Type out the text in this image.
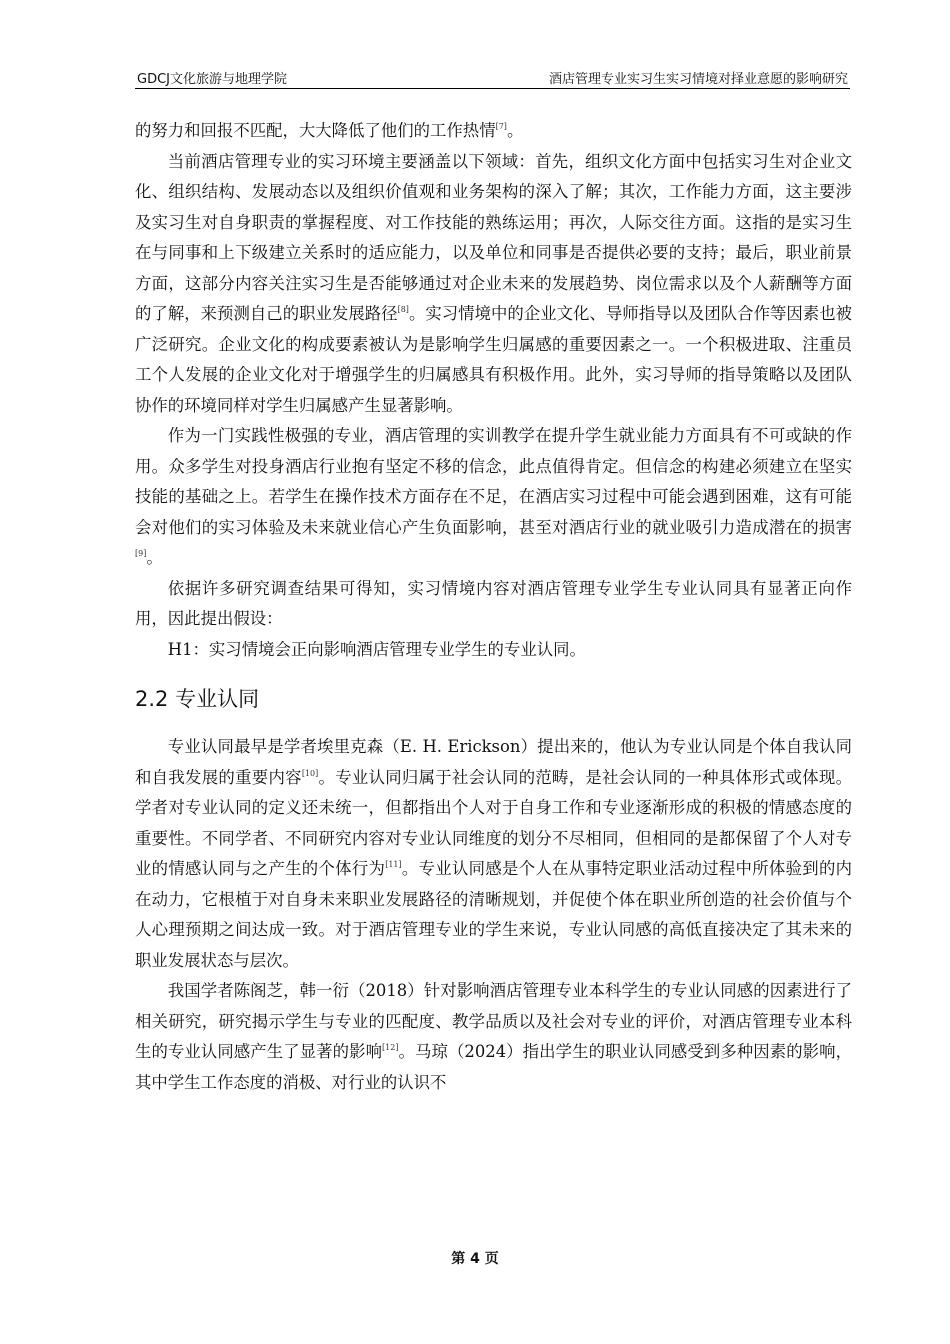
GDCJ文化旅游与地理学院	酒店管理专业实习生实习情境对择业意愿的影响研究

的努力和回报不匹配，大大降低了他们的工作热情[7]。

当前酒店管理专业的实习环境主要涵盖以下领域：首先，组织文化方面中包括实习生对企业文化、组织结构、发展动态以及组织价值观和业务架构的深入了解；其次，工作能力方面，这主要涉及实习生对自身职责的掌握程度、对工作技能的熟练运用；再次，人际交往方面。这指的是实习生在与同事和上下级建立关系时的适应能力，以及单位和同事是否提供必要的支持；最后，职业前景方面，这部分内容关注实习生是否能够通过对企业未来的发展趋势、岗位需求以及个人薪酬等方面的了解，来预测自己的职业发展路径[8]。实习情境中的企业文化、导师指导以及团队合作等因素也被广泛研究。企业文化的构成要素被认为是影响学生归属感的重要因素之一。一个积极进取、注重员工个人发展的企业文化对于增强学生的归属感具有积极作用。此外，实习导师的指导策略以及团队协作的环境同样对学生归属感产生显著影响。

作为一门实践性极强的专业，酒店管理的实训教学在提升学生就业能力方面具有不可或缺的作用。众多学生对投身酒店行业抱有坚定不移的信念，此点值得肯定。但信念的构建必须建立在坚实技能的基础之上。若学生在操作技术方面存在不足，在酒店实习过程中可能会遇到困难，这有可能会对他们的实习体验及未来就业信心产生负面影响，甚至对酒店行业的就业吸引力造成潜在的损害[9]。

依据许多研究调查结果可得知，实习情境内容对酒店管理专业学生专业认同具有显著正向作用，因此提出假设：

H1：实习情境会正向影响酒店管理专业学生的专业认同。

2.2 专业认同

专业认同最早是学者埃里克森（E. H. Erickson）提出来的，他认为专业认同是个体自我认同和自我发展的重要内容[10]。专业认同归属于社会认同的范畴，是社会认同的一种具体形式或体现。学者对专业认同的定义还未统一，但都指出个人对于自身工作和专业逐渐形成的积极的情感态度的重要性。不同学者、不同研究内容对专业认同维度的划分不尽相同，但相同的是都保留了个人对专业的情感认同与之产生的个体行为[11]。专业认同感是个人在从事特定职业活动过程中所体验到的内在动力，它根植于对自身未来职业发展路径的清晰规划，并促使个体在职业所创造的社会价值与个人心理预期之间达成一致。对于酒店管理专业的学生来说，专业认同感的高低直接决定了其未来的职业发展状态与层次。

我国学者陈阁芝，韩一衍（2018）针对影响酒店管理专业本科学生的专业认同感的因素进行了相关研究，研究揭示学生与专业的匹配度、教学品质以及社会对专业的评价，对酒店管理专业本科生的专业认同感产生了显著的影响[12]。马琼（2024）指出学生的职业认同感受到多种因素的影响，其中学生工作态度的消极、对行业的认识不

第 4 页
